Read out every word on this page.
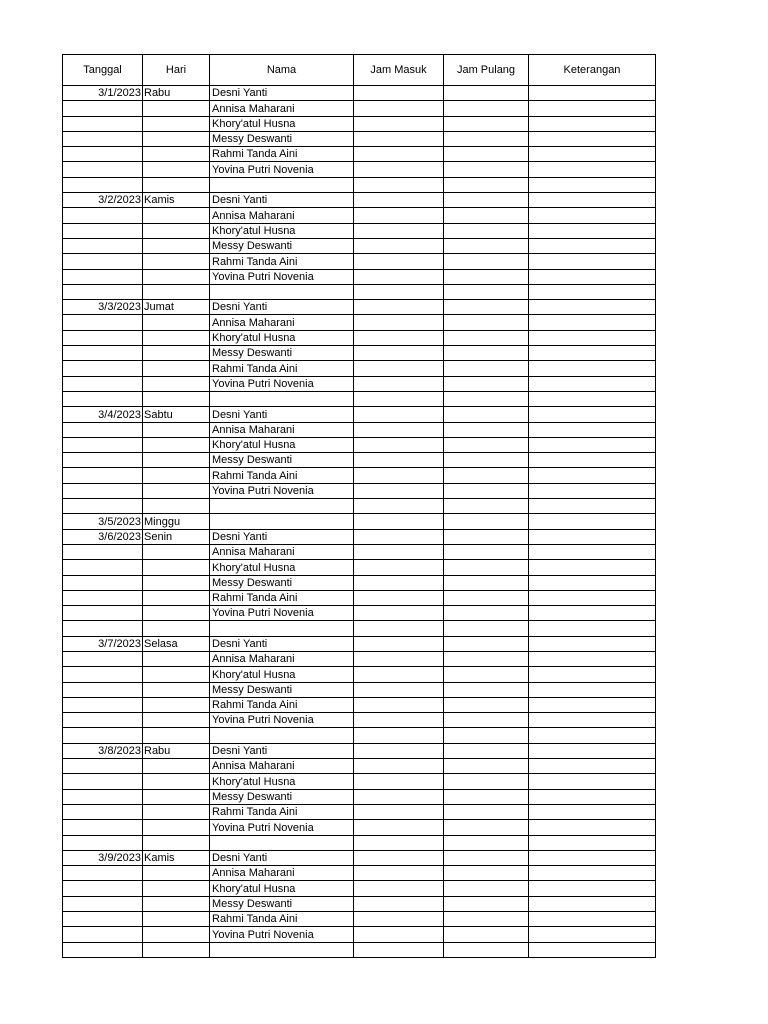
Tanggal	Hari	Nama	Jam Masuk	Jam Pulang	Keterangan
3/1/2023	Rabu	Desni Yanti			
		Annisa Maharani			
		Khory'atul Husna			
		Messy Deswanti			
		Rahmi Tanda Aini			
		Yovina Putri Novenia			

3/2/2023	Kamis	Desni Yanti			
		Annisa Maharani			
		Khory'atul Husna			
		Messy Deswanti			
		Rahmi Tanda Aini			
		Yovina Putri Novenia			

3/3/2023	Jumat	Desni Yanti			
		Annisa Maharani			
		Khory'atul Husna			
		Messy Deswanti			
		Rahmi Tanda Aini			
		Yovina Putri Novenia			

3/4/2023	Sabtu	Desni Yanti			
		Annisa Maharani			
		Khory'atul Husna			
		Messy Deswanti			
		Rahmi Tanda Aini			
		Yovina Putri Novenia			

3/5/2023	Minggu				
3/6/2023	Senin	Desni Yanti			
		Annisa Maharani			
		Khory'atul Husna			
		Messy Deswanti			
		Rahmi Tanda Aini			
		Yovina Putri Novenia			

3/7/2023	Selasa	Desni Yanti			
		Annisa Maharani			
		Khory'atul Husna			
		Messy Deswanti			
		Rahmi Tanda Aini			
		Yovina Putri Novenia			

3/8/2023	Rabu	Desni Yanti			
		Annisa Maharani			
		Khory'atul Husna			
		Messy Deswanti			
		Rahmi Tanda Aini			
		Yovina Putri Novenia			

3/9/2023	Kamis	Desni Yanti			
		Annisa Maharani			
		Khory'atul Husna			
		Messy Deswanti			
		Rahmi Tanda Aini			
		Yovina Putri Novenia			
